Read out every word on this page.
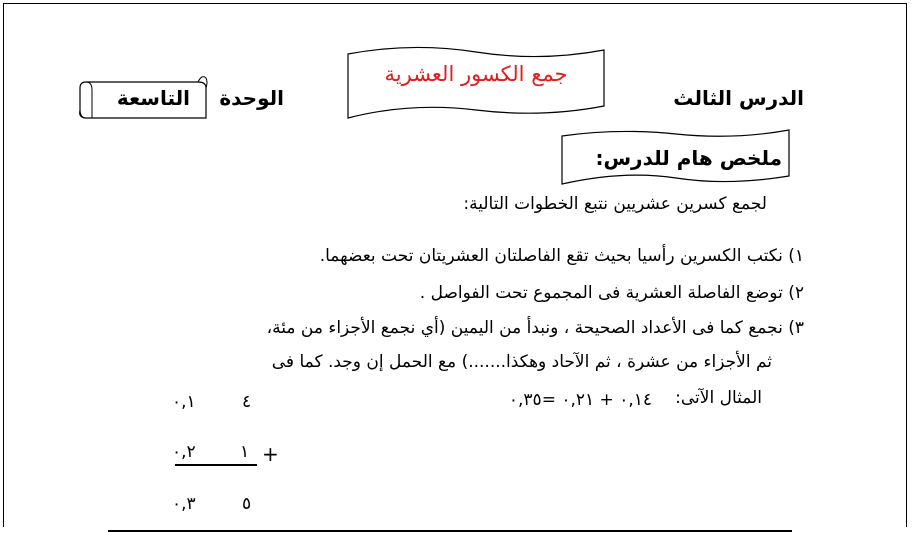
جمع الكسور العشرية
الدرس الثالث
الوحدة
التاسعة
ملخص هام للدرس:
لجمع كسرين عشريين نتبع الخطوات التالية:
١) نكتب الكسرين رأسيا بحيث تقع الفاصلتان العشريتان تحت بعضهما.
٢) توضع الفاصلة العشرية فى المجموع تحت الفواصل .
٣) نجمع كما فى الأعداد الصحيحة ، ونبدأ من اليمين (أي نجمع الأجزاء من مئة،
ثم الأجزاء من عشرة ، ثم الآحاد وهكذا.......) مع الحمل إن وجد. كما فى
المثال الآتى:
٠,١٤ + ٠,٢١ =٠,٣٥
٠,١	٤
٠,٢	١ +
٠,٣	٥
